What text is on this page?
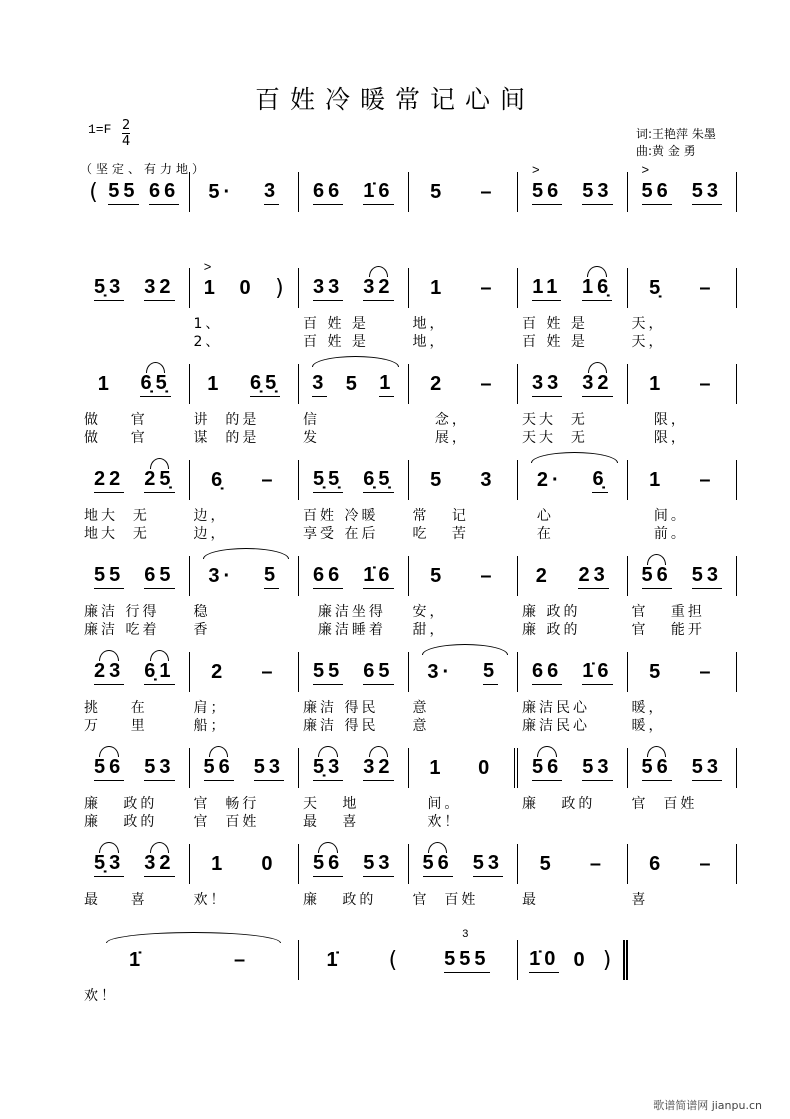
百姓冷暖常记心间
$1=F \frac{2}{4}$	词:王艳萍 朱墨
曲:黄 金 勇
（坚定、有力地）
( 55 66 5· 3 66 1̇6 5 – 56 > 53 56 > 53
5̣3 32 1 > 0 ) 33 32 1 – 11 16̣ 5̣ –
1、	百 姓 是	地，	百 姓 是	天，
2、	百 姓 是	地，	百 姓 是	天，
1 6̣5̣ 1 6̣5̣ 3 5 1 2 – 33 32 1 –
做    官	讲  的是	信	念，	天大  无	限，
做    官	谋  的是	发	展，	天大  无	限，
22 25̣ 6̣ – 5̣5̣ 6̣5̣ 5 3 2· 6̣ 1 –
地大  无	边，	百姓 冷暖	常   记	心	间。
地大  无	边，	享受 在后	吃   苦	在	前。
55 65 3· 5 66 1̇6 5 – 2 23 56 53
廉洁 行得	稳	廉洁坐得	安，	廉 政的	官   重担
廉洁 吃着	香	廉洁睡着	甜，	廉 政的	官   能开
23 6̣1 2 – 55 65 3· 5 66 1̇6 5 –
挑    在	肩；	廉洁 得民	意	廉洁民心	暖，
万    里	船；	廉洁 得民	意	廉洁民心	暖，
56 53 56 53 5̣3 32 1 0 56 53 56 53
廉   政的	官  畅行	天   地	间。	廉   政的	官  百姓
廉   政的	官  百姓	最   喜	欢！
5̣3 32 1 0 56 53 56 53 5 – 6 –
最    喜	欢！	廉   政的	官  百姓	最	喜
1̇	–	1̇ ( 555 3 1̇0 0 )
欢！
歌谱简谱网 jianpu.cn
